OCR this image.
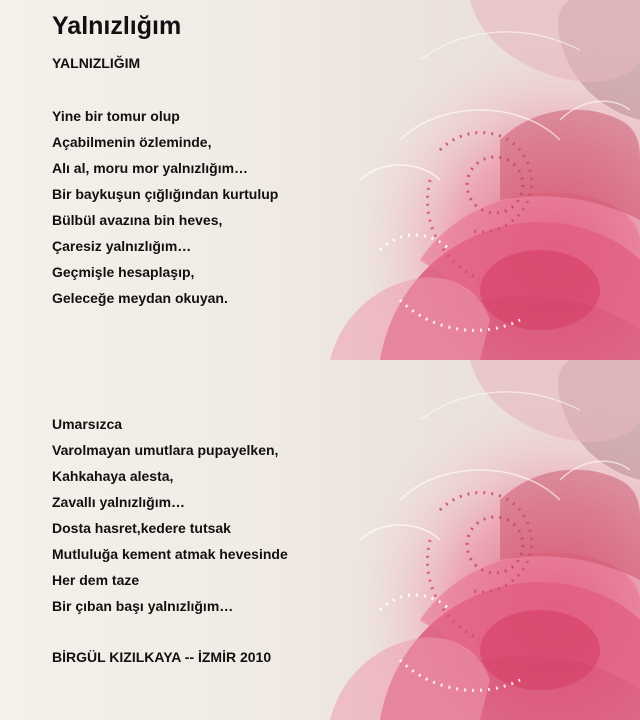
Yalnızlığım
YALNIZLIĞIM
Yine bir tomur olup
Açabilmenin özleminde,
Alı al, moru mor yalnızlığım…
Bir baykuşun çığlığından kurtulup
Bülbül avazına bin heves,
Çaresiz yalnızlığım…
Geçmişle hesaplaşıp,
Geleceğe meydan okuyan.
Umarsızca
Varolmayan umutlara pupayelken,
Kahkahaya alesta,
Zavallı yalnızlığım…
Dosta hasret,kedere tutsak
Mutluluğa kement atmak hevesinde
Her dem taze
Bir çıban başı yalnızlığım…
BİRGÜL KIZILKAYA -- İZMİR 2010
